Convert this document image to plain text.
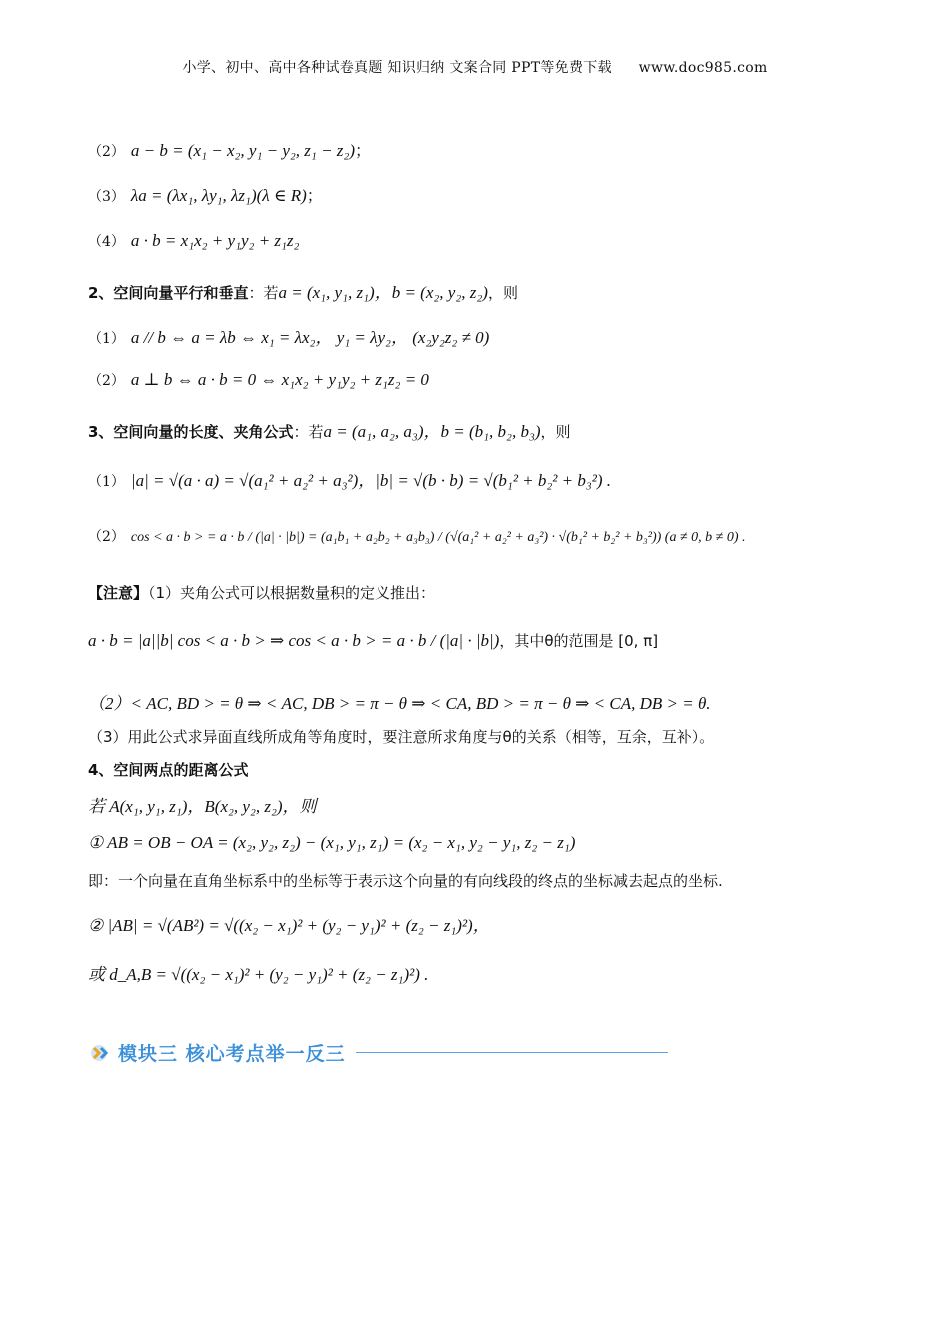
小学、初中、高中各种试卷真题 知识归纳 文案合同 PPT等免费下载 www.doc985.com
（2） a − b = (x₁ − x₂, y₁ − y₂, z₁ − z₂)；
（3） λa = (λx₁, λy₁, λz₁)(λ ∈ R)；
（4） a · b = x₁x₂ + y₁y₂ + z₁z₂
2、空间向量平行和垂直：若a = (x₁, y₁, z₁)，b = (x₂, y₂, z₂)，则
（1） a // b ⇔ a = λb ⇔ x₁ = λx₂， y₁ = λy₂， (x₂y₂z₂ ≠ 0)
（2） a ⊥ b ⇔ a · b = 0 ⇔ x₁x₂ + y₁y₂ + z₁z₂ = 0
3、空间向量的长度、夹角公式：若a = (a₁, a₂, a₃)，b = (b₁, b₂, b₃)，则
（1） |a| = √(a · a) = √(a₁² + a₂² + a₃²)，|b| = √(b · b) = √(b₁² + b₂² + b₃²) .
（2） cos < a · b > = a · b / (|a| · |b|) = (a₁b₁ + a₂b₂ + a₃b₃) / (√(a₁² + a₂² + a₃²) · √(b₁² + b₂² + b₃²)) (a ≠ 0, b ≠ 0) .
【注意】（1）夹角公式可以根据数量积的定义推出：
a · b = |a||b| cos < a · b > ⇒ cos < a · b > = a · b / (|a| · |b|)，其中θ的范围是 [0, π]
（2）< AC, BD > = θ ⇒ < AC, DB > = π − θ ⇒ < CA, BD > = π − θ ⇒ < CA, DB > = θ.
（3）用此公式求异面直线所成角等角度时，要注意所求角度与θ的关系（相等，互余，互补）。
4、空间两点的距离公式
若 A(x₁, y₁, z₁)，B(x₂, y₂, z₂)，则
① AB = OB − OA = (x₂, y₂, z₂) − (x₁, y₁, z₁) = (x₂ − x₁, y₂ − y₁, z₂ − z₁)
即：一个向量在直角坐标系中的坐标等于表示这个向量的有向线段的终点的坐标减去起点的坐标.
② |AB| = √(AB²) = √((x₂ − x₁)² + (y₂ − y₁)² + (z₂ − z₁)²)，
或 d_A,B = √((x₂ − x₁)² + (y₂ − y₁)² + (z₂ − z₁)²) .
模块三 核心考点举一反三
